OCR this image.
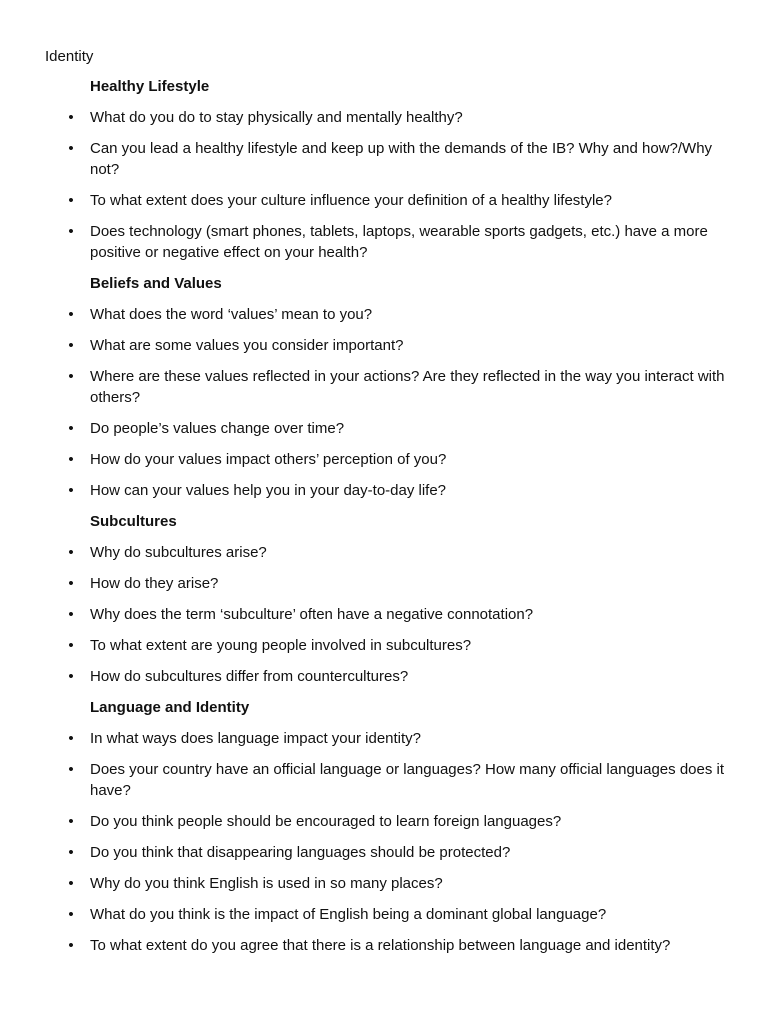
Identity
Healthy Lifestyle
• What do you do to stay physically and mentally healthy?
• Can you lead a healthy lifestyle and keep up with the demands of the IB? Why and how?/Why not?
• To what extent does your culture influence your definition of a healthy lifestyle?
• Does technology (smart phones, tablets, laptops, wearable sports gadgets, etc.) have a more positive or negative effect on your health?
Beliefs and Values
• What does the word ‘values’ mean to you?
• What are some values you consider important?
• Where are these values reflected in your actions? Are they reflected in the way you interact with others?
• Do people’s values change over time?
• How do your values impact others’ perception of you?
• How can your values help you in your day-to-day life?
Subcultures
• Why do subcultures arise?
• How do they arise?
• Why does the term ‘subculture’ often have a negative connotation?
• To what extent are young people involved in subcultures?
• How do subcultures differ from countercultures?
Language and Identity
• In what ways does language impact your identity?
• Does your country have an official language or languages? How many official languages does it have?
• Do you think people should be encouraged to learn foreign languages?
• Do you think that disappearing languages should be protected?
• Why do you think English is used in so many places?
• What do you think is the impact of English being a dominant global language?
• To what extent do you agree that there is a relationship between language and identity?
